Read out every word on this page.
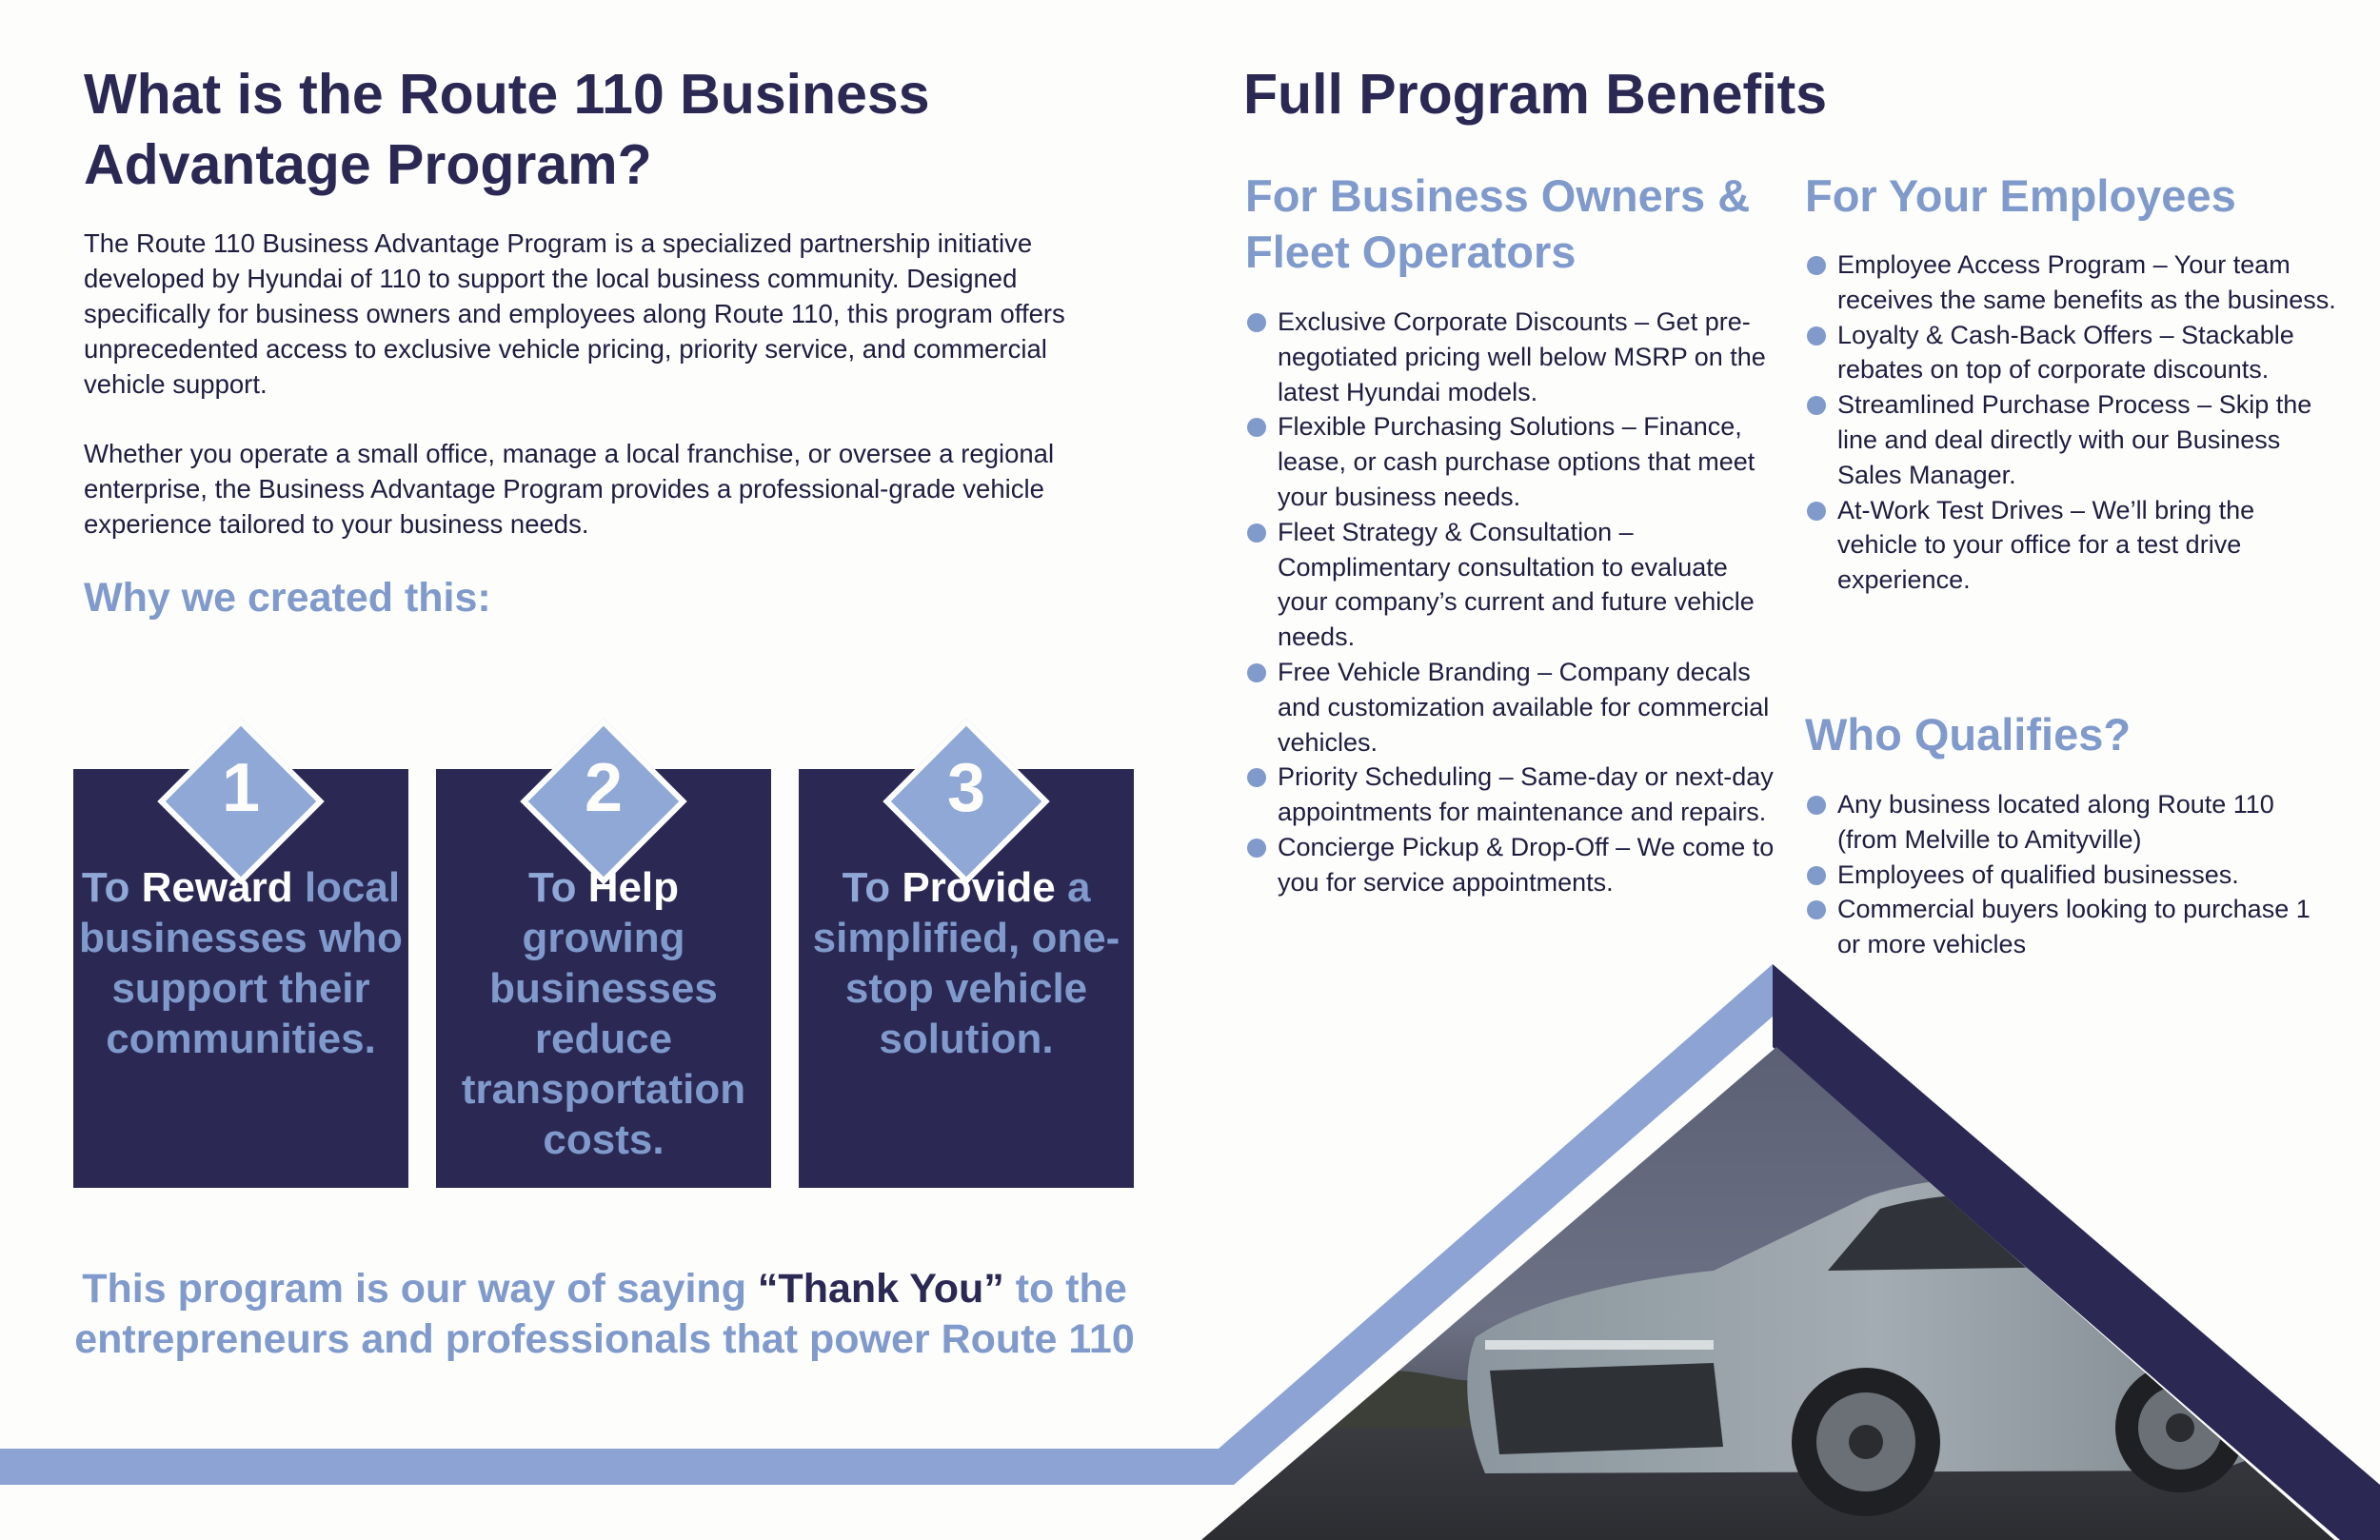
What is the Route 110 Business Advantage Program?

The Route 110 Business Advantage Program is a specialized partnership initiative developed by Hyundai of 110 to support the local business community. Designed specifically for business owners and employees along Route 110, this program offers unprecedented access to exclusive vehicle pricing, priority service, and commercial vehicle support.

Whether you operate a small office, manage a local franchise, or oversee a regional enterprise, the Business Advantage Program provides a professional-grade vehicle experience tailored to your business needs.

Why we created this:
1
To Reward local businesses who support their communities.
2
To Help growing businesses reduce transportation costs.
3
To Provide a simplified, one-stop vehicle solution.

This program is our way of saying “Thank You” to the entrepreneurs and professionals that power Route 110

Full Program Benefits
For Business Owners & Fleet Operators
Exclusive Corporate Discounts – Get pre-negotiated pricing well below MSRP on the latest Hyundai models.
Flexible Purchasing Solutions – Finance, lease, or cash purchase options that meet your business needs.
Fleet Strategy & Consultation – Complimentary consultation to evaluate your company’s current and future vehicle needs.
Free Vehicle Branding – Company decals and customization available for commercial vehicles.
Priority Scheduling – Same-day or next-day appointments for maintenance and repairs.
Concierge Pickup & Drop-Off – We come to you for service appointments.
For Your Employees
Employee Access Program – Your team receives the same benefits as the business.
Loyalty & Cash-Back Offers – Stackable rebates on top of corporate discounts.
Streamlined Purchase Process – Skip the line and deal directly with our Business Sales Manager.
At-Work Test Drives – We’ll bring the vehicle to your office for a test drive experience.
Who Qualifies?
Any business located along Route 110 (from Melville to Amityville)
Employees of qualified businesses.
Commercial buyers looking to purchase 1 or more vehicles
